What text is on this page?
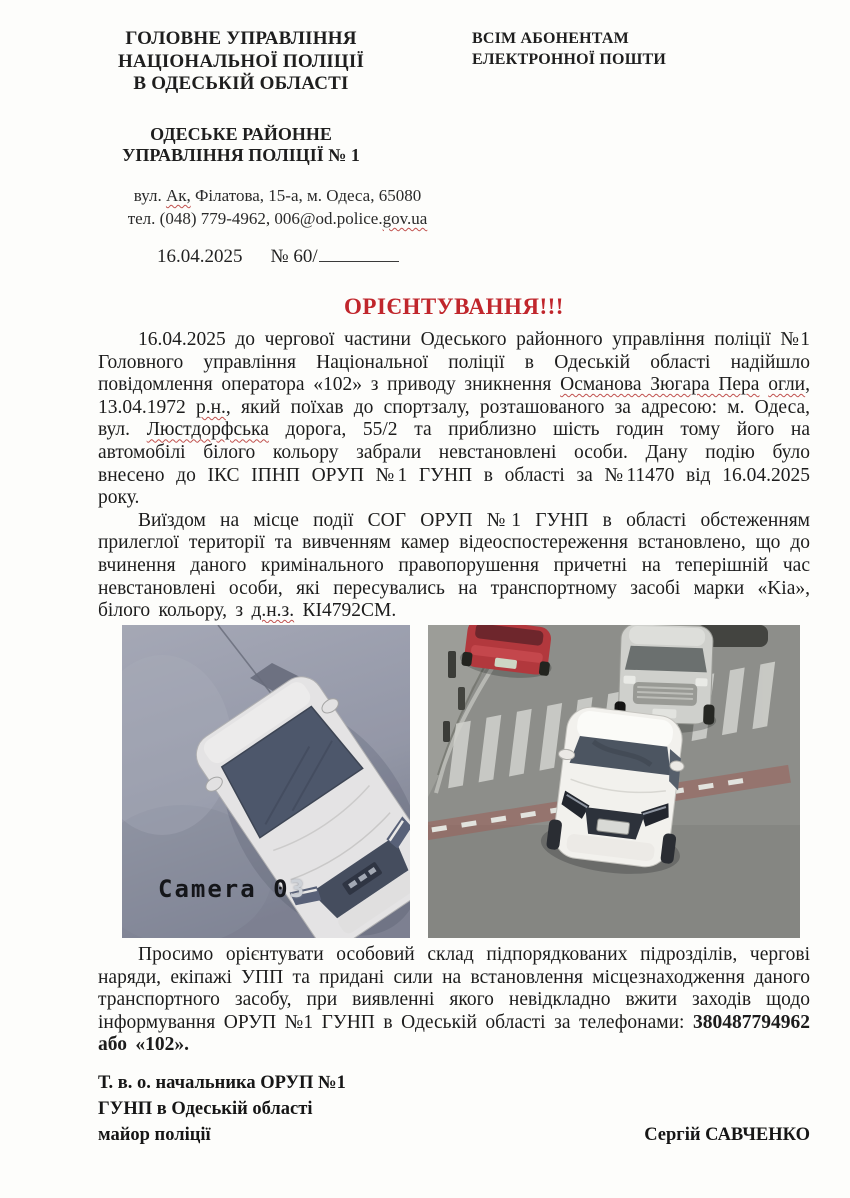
ГОЛОВНЕ УПРАВЛІННЯ
НАЦІОНАЛЬНОЇ ПОЛІЦІЇ
В ОДЕСЬКІЙ ОБЛАСТІ
ВСІМ АБОНЕНТАМ
ЕЛЕКТРОННОЇ ПОШТИ
ОДЕСЬКЕ РАЙОННЕ
УПРАВЛІННЯ ПОЛІЦІЇ № 1
вул. Ак, Філатова, 15-а, м. Одеса, 65080
тел. (048) 779-4962, 006@od.police.gov.ua
16.04.2025 № 60/
ОРІЄНТУВАННЯ!!!

16.04.2025 до чергової частини Одеського районного управління поліції №1 Головного управління Національної поліції в Одеській області надійшло повідомлення оператора «102» з приводу зникнення Османова Зюгара Пера огли, 13.04.1972 р.н., який поїхав до спортзалу, розташованого за адресою: м. Одеса, вул. Люстдорфська дорога, 55/2 та приблизно шість годин тому його на автомобілі білого кольору забрали невстановлені особи. Дану подію було внесено до ІКС ІПНП ОРУП №1 ГУНП в області за №11470 від 16.04.2025 року.

Виїздом на місце події СОГ ОРУП №1 ГУНП в області обстеженням прилеглої території та вивченням камер відеоспостереження встановлено, що до вчинення даного кримінального правопорушення причетні на теперішній час невстановлені особи, які пересувались на транспортному засобі марки «Kia», білого кольору, з д.н.з. КІ4792СМ.

Camera 03

Просимо орієнтувати особовий склад підпорядкованих підрозділів, чергові наряди, екіпажі УПП та придані сили на встановлення місцезнаходження даного транспортного засобу, при виявленні якого невідкладно вжити заходів щодо інформування ОРУП №1 ГУНП в Одеській області за телефонами: 380487794962 або «102».

Т. в. о. начальника ОРУП №1
ГУНП в Одеській області
майор поліції	Сергій САВЧЕНКО
